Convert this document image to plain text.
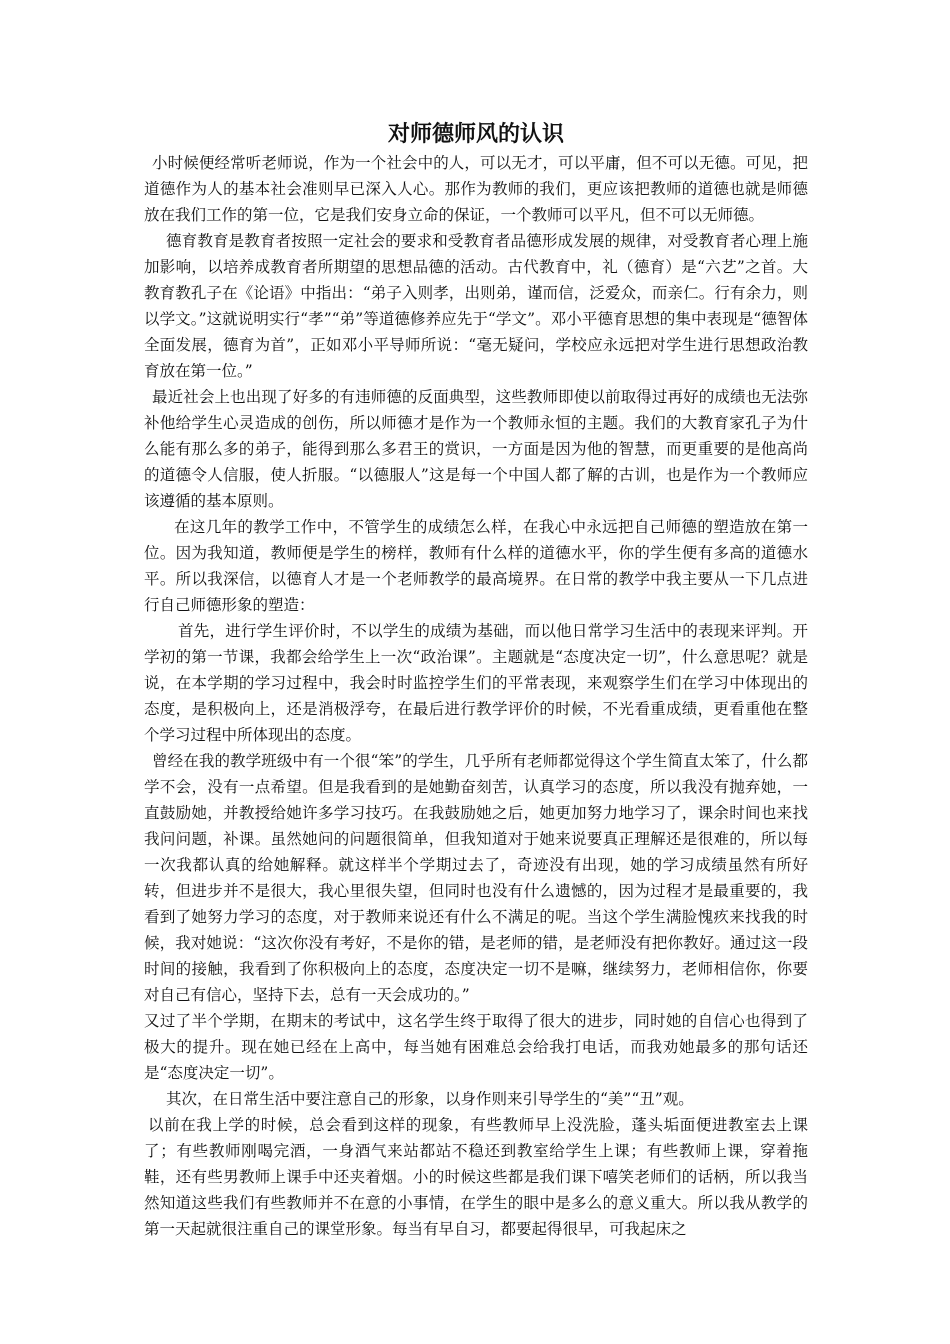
对师德师风的认识

小时候便经常听老师说，作为一个社会中的人，可以无才，可以平庸，但不可以无德。可见，把道德作为人的基本社会准则早已深入人心。那作为教师的我们，更应该把教师的道德也就是师德放在我们工作的第一位，它是我们安身立命的保证，一个教师可以平凡，但不可以无师德。

德育教育是教育者按照一定社会的要求和受教育者品德形成发展的规律，对受教育者心理上施加影响，以培养成教育者所期望的思想品德的活动。古代教育中，礼（德育）是“六艺”之首。大教育教孔子在《论语》中指出：“弟子入则孝，出则弟，谨而信，泛爱众，而亲仁。行有余力，则以学文。”这就说明实行“孝”“弟”等道德修养应先于“学文”。邓小平德育思想的集中表现是“德智体全面发展，德育为首”，正如邓小平导师所说：“毫无疑问，学校应永远把对学生进行思想政治教育放在第一位。”

最近社会上也出现了好多的有违师德的反面典型，这些教师即使以前取得过再好的成绩也无法弥补他给学生心灵造成的创伤，所以师德才是作为一个教师永恒的主题。我们的大教育家孔子为什么能有那么多的弟子，能得到那么多君王的赏识，一方面是因为他的智慧，而更重要的是他高尚的道德令人信服，使人折服。“以德服人”这是每一个中国人都了解的古训，也是作为一个教师应该遵循的基本原则。

在这几年的教学工作中，不管学生的成绩怎么样，在我心中永远把自己师德的塑造放在第一位。因为我知道，教师便是学生的榜样，教师有什么样的道德水平，你的学生便有多高的道德水平。所以我深信，以德育人才是一个老师教学的最高境界。在日常的教学中我主要从一下几点进行自己师德形象的塑造：

首先，进行学生评价时，不以学生的成绩为基础，而以他日常学习生活中的表现来评判。开学初的第一节课，我都会给学生上一次“政治课”。主题就是“态度决定一切”，什么意思呢？就是说，在本学期的学习过程中，我会时时监控学生们的平常表现，来观察学生们在学习中体现出的态度，是积极向上，还是消极浮夸，在最后进行教学评价的时候，不光看重成绩，更看重他在整个学习过程中所体现出的态度。

曾经在我的教学班级中有一个很“笨”的学生，几乎所有老师都觉得这个学生简直太笨了，什么都学不会，没有一点希望。但是我看到的是她勤奋刻苦，认真学习的态度，所以我没有抛弃她，一直鼓励她，并教授给她许多学习技巧。在我鼓励她之后，她更加努力地学习了，课余时间也来找我问问题，补课。虽然她问的问题很简单，但我知道对于她来说要真正理解还是很难的，所以每一次我都认真的给她解释。就这样半个学期过去了，奇迹没有出现，她的学习成绩虽然有所好转，但进步并不是很大，我心里很失望，但同时也没有什么遗憾的，因为过程才是最重要的，我看到了她努力学习的态度，对于教师来说还有什么不满足的呢。当这个学生满脸愧疚来找我的时候，我对她说：“这次你没有考好，不是你的错，是老师的错，是老师没有把你教好。通过这一段时间的接触，我看到了你积极向上的态度，态度决定一切不是嘛，继续努力，老师相信你，你要对自己有信心，坚持下去，总有一天会成功的。”

又过了半个学期，在期末的考试中，这名学生终于取得了很大的进步，同时她的自信心也得到了极大的提升。现在她已经在上高中，每当她有困难总会给我打电话，而我劝她最多的那句话还是“态度决定一切”。

其次，在日常生活中要注意自己的形象，以身作则来引导学生的“美”“丑”观。

以前在我上学的时候，总会看到这样的现象，有些教师早上没洗脸，蓬头垢面便进教室去上课了；有些教师刚喝完酒，一身酒气来站都站不稳还到教室给学生上课；有些教师上课，穿着拖鞋，还有些男教师上课手中还夹着烟。小的时候这些都是我们课下嘻笑老师们的话柄，所以我当然知道这些我们有些教师并不在意的小事情，在学生的眼中是多么的意义重大。所以我从教学的第一天起就很注重自己的课堂形象。每当有早自习，都要起得很早，可我起床之
